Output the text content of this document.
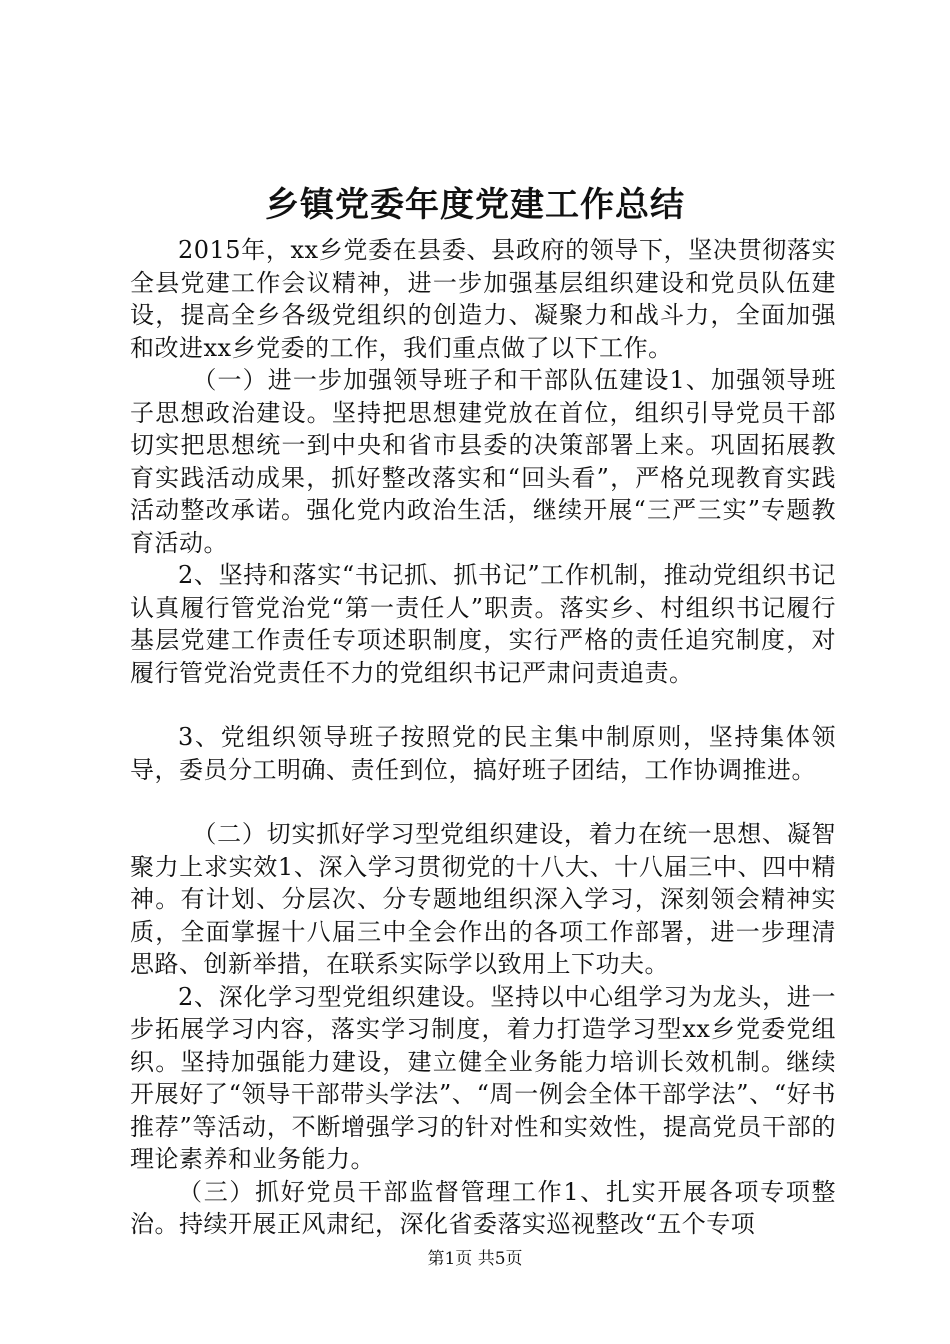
乡镇党委年度党建工作总结

2015年，xx乡党委在县委、县政府的领导下，坚决贯彻落实全县党建工作会议精神，进一步加强基层组织建设和党员队伍建设，提高全乡各级党组织的创造力、凝聚力和战斗力，全面加强和改进xx乡党委的工作，我们重点做了以下工作。

（一）进一步加强领导班子和干部队伍建设1、加强领导班子思想政治建设。坚持把思想建党放在首位，组织引导党员干部切实把思想统一到中央和省市县委的决策部署上来。巩固拓展教育实践活动成果，抓好整改落实和“回头看”，严格兑现教育实践活动整改承诺。强化党内政治生活，继续开展“三严三实”专题教育活动。

2、坚持和落实“书记抓、抓书记”工作机制，推动党组织书记认真履行管党治党“第一责任人”职责。落实乡、村组织书记履行基层党建工作责任专项述职制度，实行严格的责任追究制度，对履行管党治党责任不力的党组织书记严肃问责追责。

3、党组织领导班子按照党的民主集中制原则，坚持集体领导，委员分工明确、责任到位，搞好班子团结，工作协调推进。

（二）切实抓好学习型党组织建设，着力在统一思想、凝智聚力上求实效1、深入学习贯彻党的十八大、十八届三中、四中精神。有计划、分层次、分专题地组织深入学习，深刻领会精神实质，全面掌握十八届三中全会作出的各项工作部署，进一步理清思路、创新举措，在联系实际学以致用上下功夫。

2、深化学习型党组织建设。坚持以中心组学习为龙头，进一步拓展学习内容，落实学习制度，着力打造学习型xx乡党委党组织。坚持加强能力建设，建立健全业务能力培训长效机制。继续开展好了“领导干部带头学法”、“周一例会全体干部学法”、“好书推荐”等活动，不断增强学习的针对性和实效性，提高党员干部的理论素养和业务能力。

（三）抓好党员干部监督管理工作1、扎实开展各项专项整治。持续开展正风肃纪，深化省委落实巡视整改“五个专项

第1页 共5页
